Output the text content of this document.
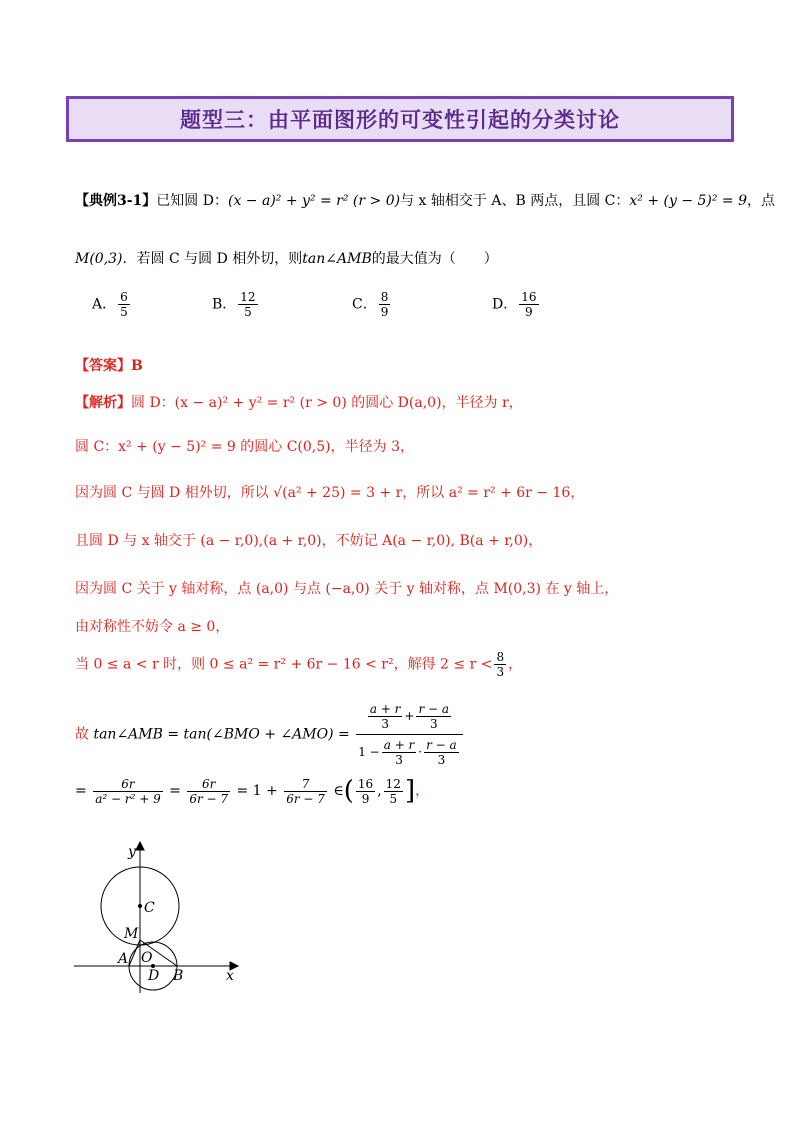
题型三：由平面图形的可变性引起的分类讨论
【典例3-1】已知圆 D：(x − a)² + y² = r² (r > 0)与 x 轴相交于 A、B 两点，且圆 C：x² + (y − 5)² = 9，点
M(0,3)．若圆 C 与圆 D 相外切，则tan∠AMB的最大值为（　　）
A． $\frac{6}{5}$	B． $\frac{12}{5}$	C． $\frac{8}{9}$	D． $\frac{16}{9}$
【答案】B
【解析】圆 D：(x − a)² + y² = r² (r > 0) 的圆心 D(a,0)，半径为 r，
圆 C：x² + (y − 5)² = 9 的圆心 C(0,5)，半径为 3，
因为圆 C 与圆 D 相外切，所以 √(a² + 25) = 3 + r，所以 a² = r² + 6r − 16，
且圆 D 与 x 轴交于 (a − r,0),(a + r,0)，不妨记 A(a − r,0), B(a + r,0)，
因为圆 C 关于 y 轴对称，点 (a,0) 与点 (−a,0) 关于 y 轴对称，点 M(0,3) 在 y 轴上，
由对称性不妨令 a ≥ 0，
当 0 ≤ a < r 时，则 0 ≤ a² = r² + 6r − 16 < r²，解得 $2 \le r < \frac{8}{3}$ ，
故 tan∠AMB = tan(∠BMO + ∠AMO) = $\frac{\frac{a + r}{3} + \frac{r - a}{3}}{1 - \frac{a + r}{3} \cdot \frac{r - a}{3}}$
= $\frac{6r}{\text{a² − r² + 9}} = \frac{6r}{6r - 7} = 1 + \frac{7}{6r - 7}$ ∈( $\frac{16}{9}$ , $\frac{12}{5}$ ]，
y
x
C
M
A O
D B
